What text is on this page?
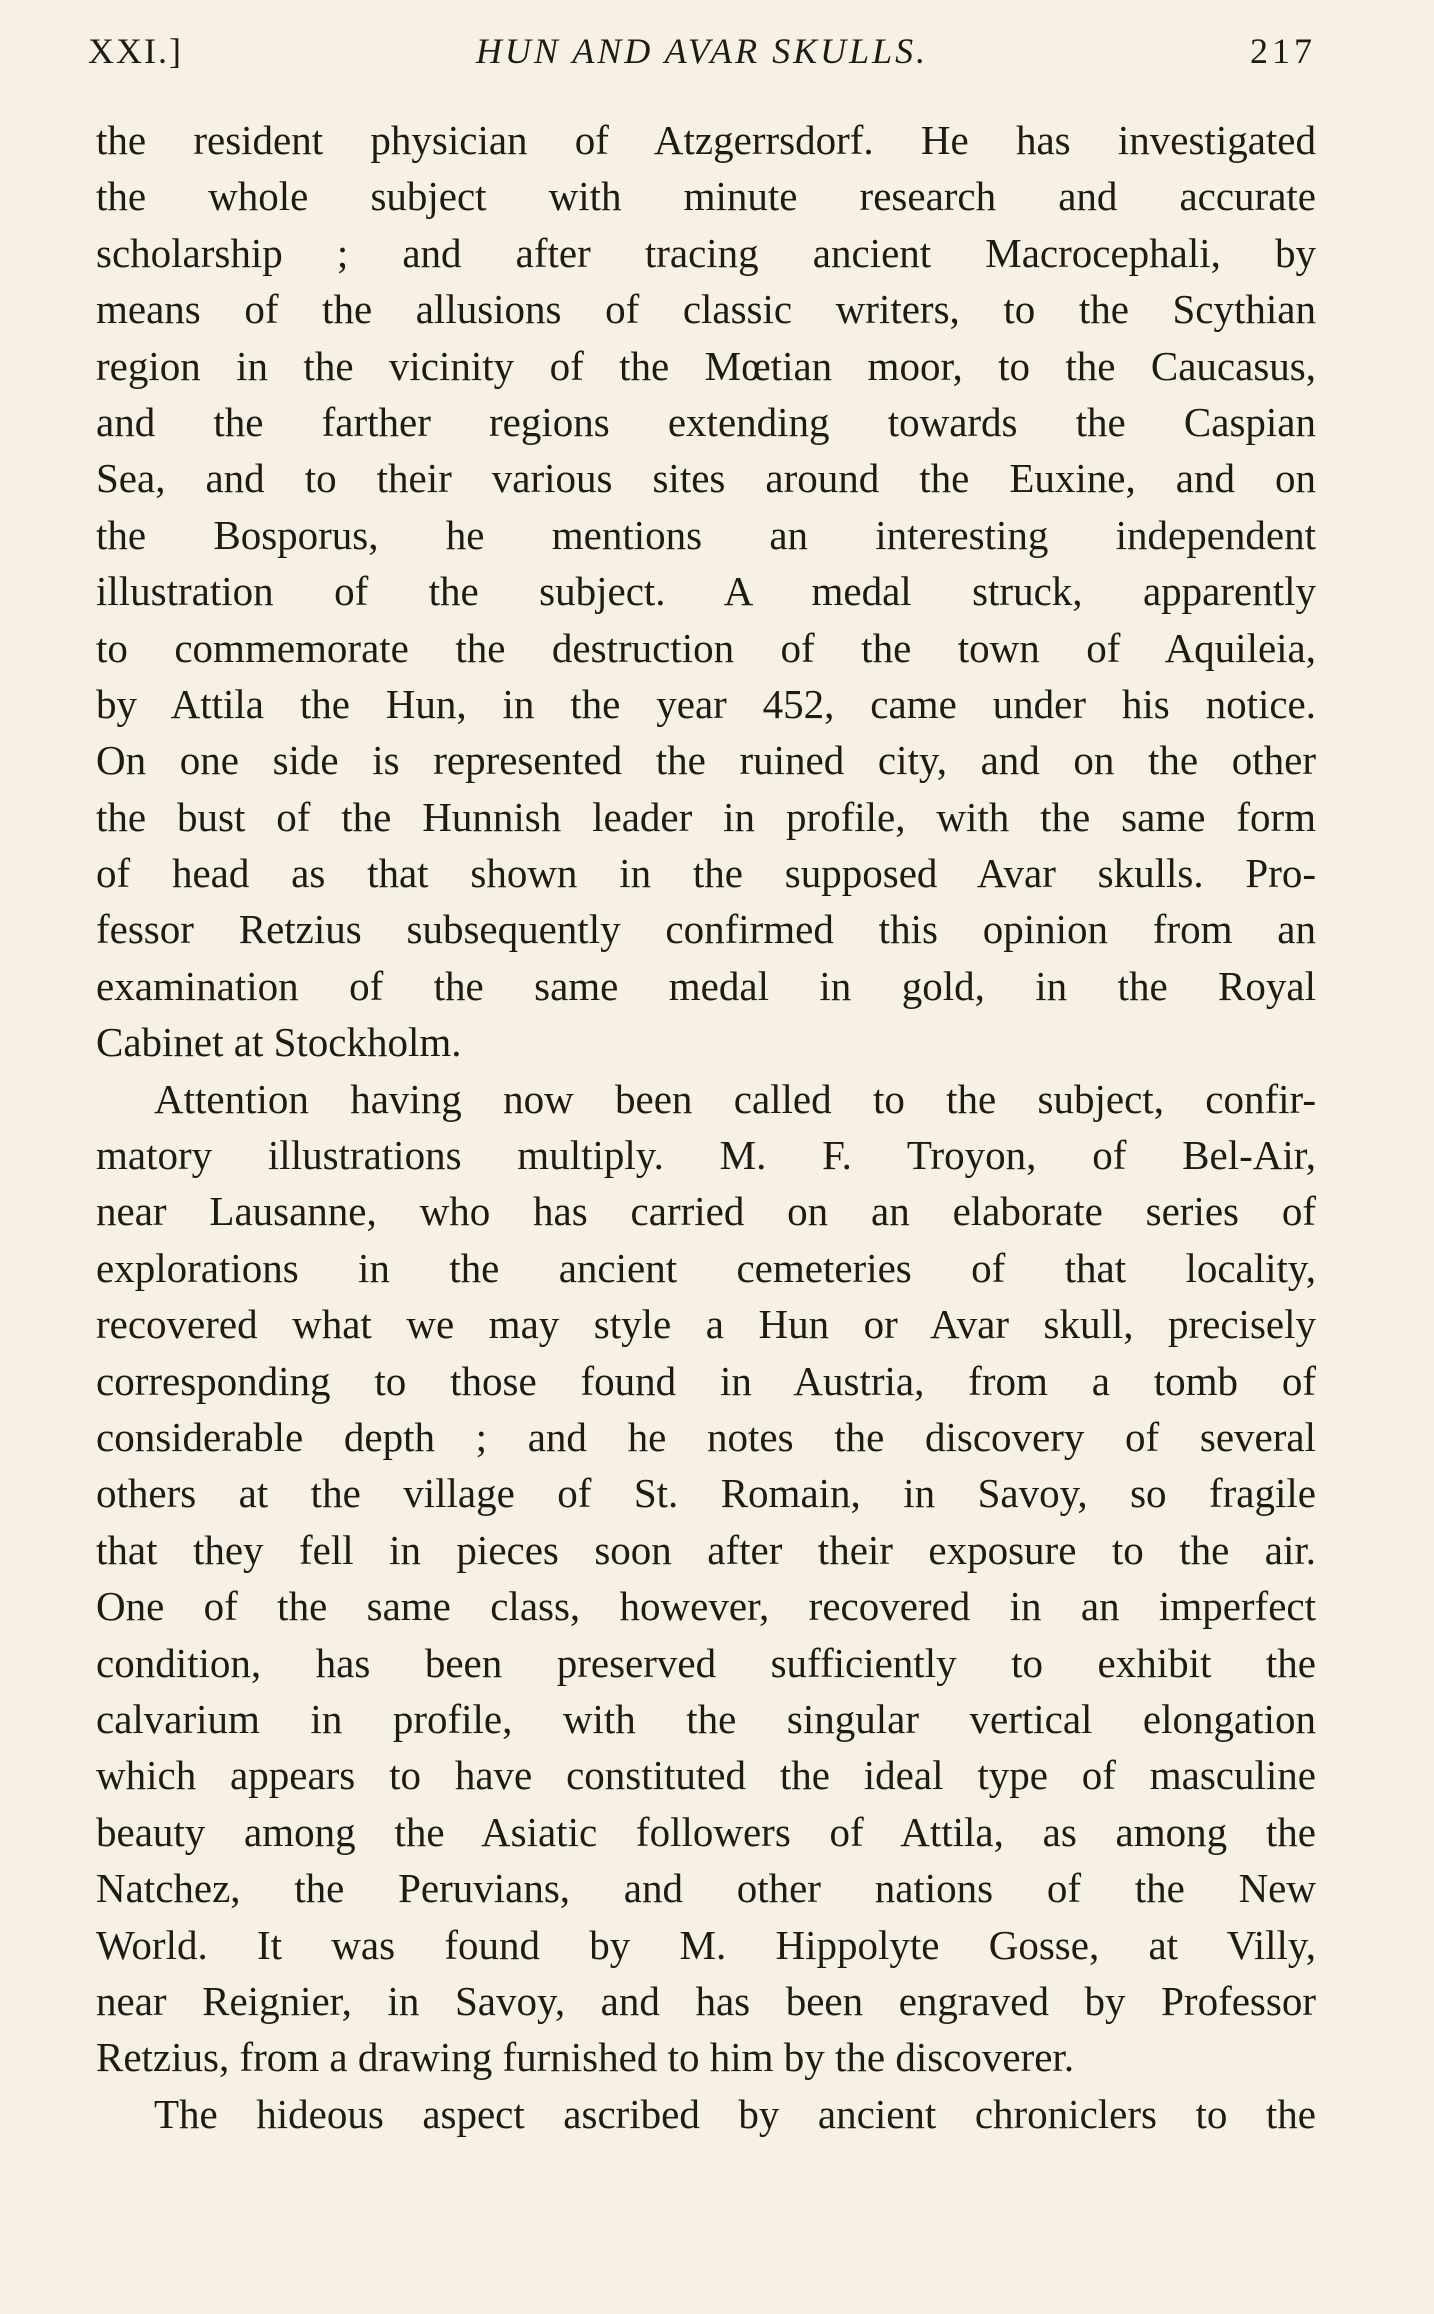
XXI.]	HUN AND AVAR SKULLS.	217
the resident physician of Atzgerrsdorf. He has investigated
the whole subject with minute research and accurate
scholarship ; and after tracing ancient Macrocephali, by
means of the allusions of classic writers, to the Scythian
region in the vicinity of the Mœtian moor, to the Caucasus,
and the farther regions extending towards the Caspian
Sea, and to their various sites around the Euxine, and on
the Bosporus, he mentions an interesting independent
illustration of the subject. A medal struck, apparently
to commemorate the destruction of the town of Aquileia,
by Attila the Hun, in the year 452, came under his notice.
On one side is represented the ruined city, and on the other
the bust of the Hunnish leader in profile, with the same form
of head as that shown in the supposed Avar skulls. Pro-
fessor Retzius subsequently confirmed this opinion from an
examination of the same medal in gold, in the Royal
Cabinet at Stockholm.
Attention having now been called to the subject, confir-
matory illustrations multiply. M. F. Troyon, of Bel-Air,
near Lausanne, who has carried on an elaborate series of
explorations in the ancient cemeteries of that locality,
recovered what we may style a Hun or Avar skull, precisely
corresponding to those found in Austria, from a tomb of
considerable depth ; and he notes the discovery of several
others at the village of St. Romain, in Savoy, so fragile
that they fell in pieces soon after their exposure to the air.
One of the same class, however, recovered in an imperfect
condition, has been preserved sufficiently to exhibit the
calvarium in profile, with the singular vertical elongation
which appears to have constituted the ideal type of masculine
beauty among the Asiatic followers of Attila, as among the
Natchez, the Peruvians, and other nations of the New
World. It was found by M. Hippolyte Gosse, at Villy,
near Reignier, in Savoy, and has been engraved by Professor
Retzius, from a drawing furnished to him by the discoverer.
The hideous aspect ascribed by ancient chroniclers to the
